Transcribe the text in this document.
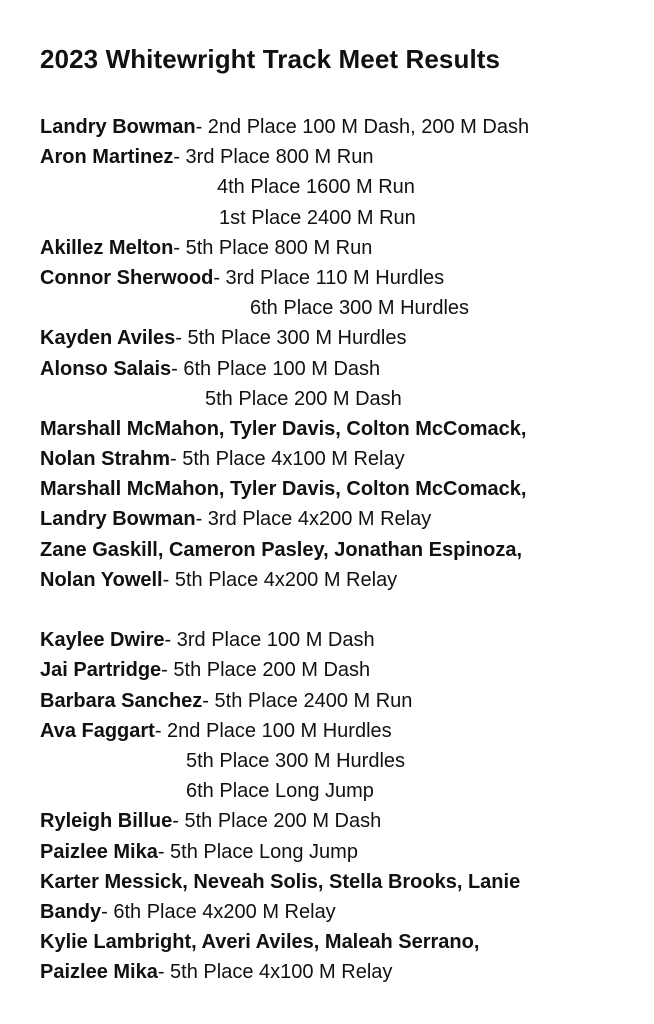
2023 Whitewright Track Meet Results
Landry Bowman- 2nd Place 100 M Dash, 200 M Dash
Aron Martinez- 3rd Place 800 M Run
4th Place 1600 M Run
1st Place 2400 M Run
Akillez Melton- 5th Place 800 M Run
Connor Sherwood- 3rd Place 110 M Hurdles
6th Place 300 M Hurdles
Kayden Aviles- 5th Place 300 M Hurdles
Alonso Salais- 6th Place 100 M Dash
5th Place 200 M Dash
Marshall McMahon, Tyler Davis, Colton McComack,
Nolan Strahm- 5th Place 4x100 M Relay
Marshall McMahon, Tyler Davis, Colton McComack,
Landry Bowman- 3rd Place 4x200 M Relay
Zane Gaskill, Cameron Pasley, Jonathan Espinoza,
Nolan Yowell- 5th Place 4x200 M Relay
Kaylee Dwire- 3rd Place 100 M Dash
Jai Partridge- 5th Place 200 M Dash
Barbara Sanchez- 5th Place 2400 M Run
Ava Faggart- 2nd Place 100 M Hurdles
5th Place 300 M Hurdles
6th Place Long Jump
Ryleigh Billue- 5th Place 200 M Dash
Paizlee Mika- 5th Place Long Jump
Karter Messick, Neveah Solis, Stella Brooks, Lanie
Bandy- 6th Place 4x200 M Relay
Kylie Lambright, Averi Aviles, Maleah Serrano,
Paizlee Mika- 5th Place 4x100 M Relay
